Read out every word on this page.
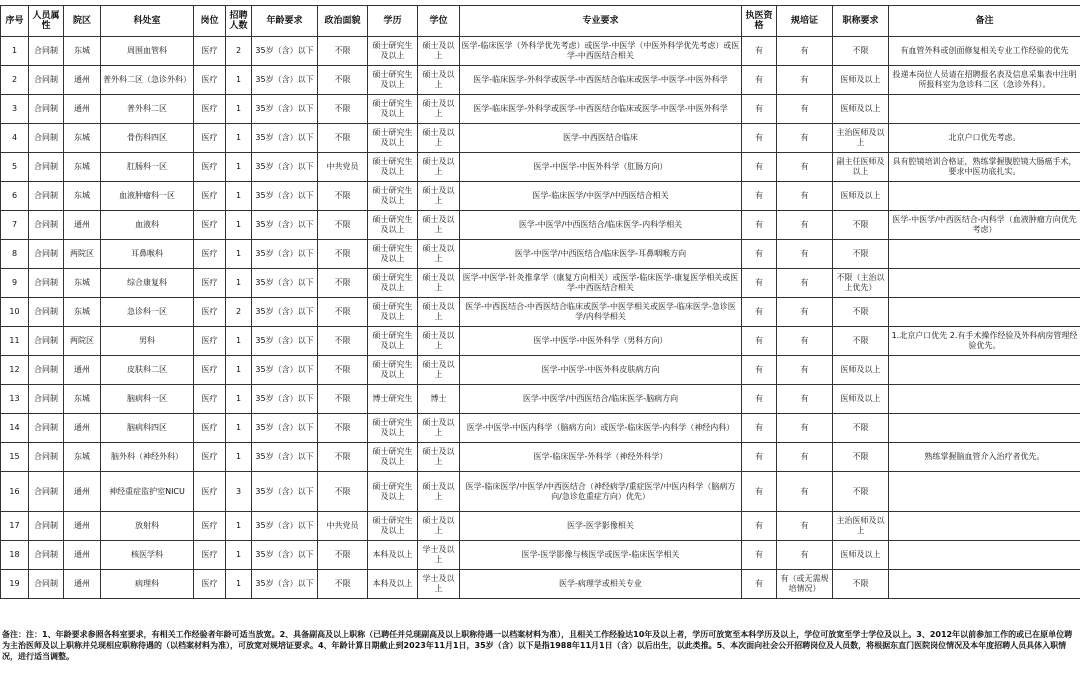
序号	人员属性	院区	科处室	岗位	招聘人数	年龄要求	政治面貌	学历	学位	专业要求	执医资格	规培证	职称要求	备注
1	合同制	东城	周围血管科	医疗	2	35岁（含）以下	不限	硕士研究生及以上	硕士及以上	医学-临床医学（外科学优先考虑）或医学-中医学（中医外科学优先考虑）或医学-中西医结合相关	有	有	不限	有血管外科或创面修复相关专业工作经验的优先
2	合同制	通州	普外科二区（急诊外科）	医疗	1	35岁（含）以下	不限	硕士研究生及以上	硕士及以上	医学-临床医学-外科学或医学-中西医结合临床或医学-中医学-中医外科学	有	有	医师及以上	投递本岗位人员请在招聘报名表及信息采集表中注明所报科室为急诊科二区（急诊外科）。
3	合同制	通州	普外科二区	医疗	1	35岁（含）以下	不限	硕士研究生及以上	硕士及以上	医学-临床医学-外科学或医学-中西医结合临床或医学-中医学-中医外科学	有	有	医师及以上	
4	合同制	东城	骨伤科四区	医疗	1	35岁（含）以下	不限	硕士研究生及以上	硕士及以上	医学-中西医结合临床	有	有	主治医师及以上	北京户口优先考虑。
5	合同制	东城	肛肠科一区	医疗	1	35岁（含）以下	中共党员	硕士研究生及以上	硕士及以上	医学-中医学-中医外科学（肛肠方向）	有	有	副主任医师及以上	具有腔镜培训合格证，熟练掌握腹腔镜大肠癌手术，要求中医功底扎实。
6	合同制	东城	血液肿瘤科一区	医疗	1	35岁（含）以下	不限	硕士研究生及以上	硕士及以上	医学-临床医学/中医学/中西医结合相关	有	有	医师及以上	
7	合同制	通州	血液科	医疗	1	35岁（含）以下	不限	硕士研究生及以上	硕士及以上	医学-中医学/中西医结合/临床医学-内科学相关	有	有	不限	医学-中医学/中西医结合-内科学（血液肿瘤方向优先考虑）
8	合同制	两院区	耳鼻喉科	医疗	1	35岁（含）以下	不限	硕士研究生及以上	硕士及以上	医学-中医学/中西医结合/临床医学-耳鼻咽喉方向	有	有	不限	
9	合同制	东城	综合康复科	医疗	1	35岁（含）以下	不限	硕士研究生及以上	硕士及以上	医学-中医学-针灸推拿学（康复方向相关）或医学-临床医学-康复医学相关或医学-中西医结合相关	有	有	不限（主治以上优先）	
10	合同制	东城	急诊科一区	医疗	2	35岁（含）以下	不限	硕士研究生及以上	硕士及以上	医学-中西医结合-中西医结合临床或医学-中医学相关或医学-临床医学-急诊医学/内科学相关	有	有	不限	
11	合同制	两院区	男科	医疗	1	35岁（含）以下	不限	硕士研究生及以上	硕士及以上	医学-中医学-中医外科学（男科方向）	有	有	不限	1.北京户口优先 2.有手术操作经验及外科病房管理经验优先。
12	合同制	通州	皮肤科二区	医疗	1	35岁（含）以下	不限	硕士研究生及以上	硕士及以上	医学-中医学-中医外科皮肤病方向	有	有	医师及以上	
13	合同制	东城	脑病科一区	医疗	1	35岁（含）以下	不限	博士研究生	博士	医学-中医学/中西医结合/临床医学-脑病方向	有	有	医师及以上	
14	合同制	通州	脑病科四区	医疗	1	35岁（含）以下	不限	硕士研究生及以上	硕士及以上	医学-中医学-中医内科学（脑病方向）或医学-临床医学-内科学（神经内科）	有	有	不限	
15	合同制	东城	脑外科（神经外科）	医疗	1	35岁（含）以下	不限	硕士研究生及以上	硕士及以上	医学-临床医学-外科学（神经外科学）	有	有	不限	熟练掌握脑血管介入治疗者优先。
16	合同制	通州	神经重症监护室NICU	医疗	3	35岁（含）以下	不限	硕士研究生及以上	硕士及以上	医学-临床医学/中医学/中西医结合（神经病学/重症医学/中医内科学（脑病方向/急诊危重症方向）优先）	有	有	不限	
17	合同制	通州	放射科	医疗	1	35岁（含）以下	中共党员	硕士研究生及以上	硕士及以上	医学-医学影像相关	有	有	主治医师及以上	
18	合同制	通州	核医学科	医疗	1	35岁（含）以下	不限	本科及以上	学士及以上	医学-医学影像与核医学或医学-临床医学相关	有	有	医师及以上	
19	合同制	通州	病理科	医疗	1	35岁（含）以下	不限	本科及以上	学士及以上	医学-病理学或相关专业	有	有（或无需规培情况）	不限	
备注：注：1、年龄要求参照各科室要求，有相关工作经验者年龄可适当放宽。2、具备副高及以上职称（已聘任并兑现副高及以上职称待遇一以档案材料为准），且相关工作经验达10年及以上者，学历可放宽至本科学历及以上，学位可放宽至学士学位及以上。3、2012年以前参加工作的或已在原单位聘为主治医师及以上职称并兑现相应职称待遇的（以档案材料为准），可放宽对规培证要求。4、年龄计算日期截止到2023年11月1日，35岁（含）以下是指1988年11月1日（含）以后出生，以此类推。5、本次面向社会公开招聘岗位及人员数，将根据东直门医院岗位情况及本年度招聘人员具体入职情况，进行适当调整。
